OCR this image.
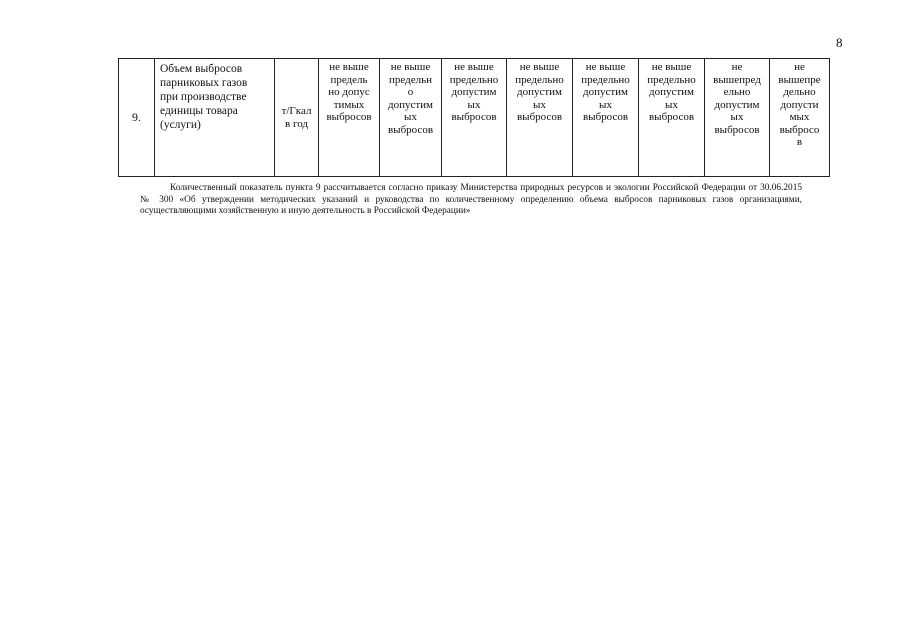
8
9.	Объем выбросов
парниковых газов
при производстве
единицы товара
(услуги)	т/Гкал
в год	не выше
предель
но допус
тимых
выбросов	не выше
предельн
о
допустим
ых
выбросов	не выше
предельно
допустим
ых
выбросов	не выше
предельно
допустим
ых
выбросов	не выше
предельно
допустим
ых
выбросов	не выше
предельно
допустим
ых
выбросов	не
вышепред
ельно
допустим
ых
выбросов	не
вышепре
дельно
допусти
мых
выбросо
в
Количественный показатель пункта 9 рассчитывается согласно приказу Министерства природных ресурсов и экологии Российской Федерации от 30.06.2015 № 300 «Об утверждении методических указаний и руководства по количественному определению объема выбросов парниковых газов организациями, осуществляющими хозяйственную и иную деятельность в Российской Федерации»
